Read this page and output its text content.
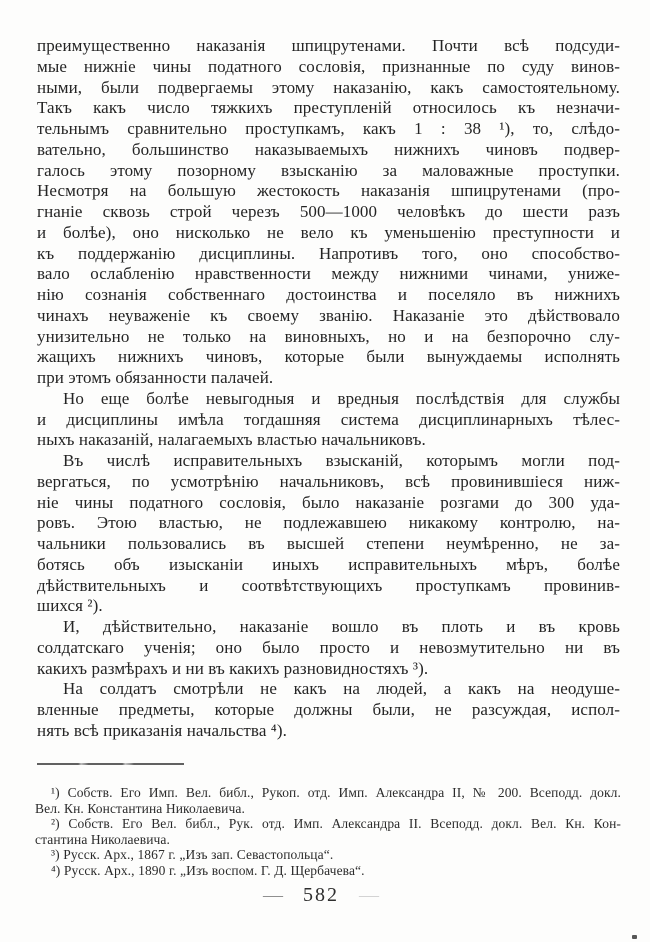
преимущественно наказанія шпицрутенами. Почти всѣ подсуди-
мые нижніе чины податного сословія, признанные по суду винов-
ными, были подвергаемы этому наказанію, какъ самостоятельному.
Такъ какъ число тяжкихъ преступленій относилось къ незначи-
тельнымъ сравнительно проступкамъ, какъ 1 : 38 ¹), то, слѣдо-
вательно, большинство наказываемыхъ нижнихъ чиновъ подвер-
галось этому позорному взысканію за маловажные проступки.
Несмотря на большую жестокость наказанія шпицрутенами (про-
гнаніе сквозь строй черезъ 500—1000 человѣкъ до шести разъ
и болѣе), оно нисколько не вело къ уменьшенію преступности и
къ поддержанію дисциплины. Напротивъ того, оно способство-
вало ослабленію нравственности между нижними чинами, униже-
нію сознанія собственнаго достоинства и поселяло въ нижнихъ
чинахъ неуваженіе къ своему званію. Наказаніе это дѣйствовало
унизительно не только на виновныхъ, но и на безпорочно слу-
жащихъ нижнихъ чиновъ, которые были вынуждаемы исполнять
при этомъ обязанности палачей.
Но еще болѣе невыгодныя и вредныя послѣдствія для службы
и дисциплины имѣла тогдашняя система дисциплинарныхъ тѣлес-
ныхъ наказаній, налагаемыхъ властью начальниковъ.
Въ числѣ исправительныхъ взысканій, которымъ могли под-
вергаться, по усмотрѣнію начальниковъ, всѣ провинившіеся ниж-
ніе чины податного сословія, было наказаніе розгами до 300 уда-
ровъ. Этою властью, не подлежавшею никакому контролю, на-
чальники пользовались въ высшей степени неумѣренно, не за-
ботясь объ изысканіи иныхъ исправительныхъ мѣръ, болѣе
дѣйствительныхъ и соотвѣтствующихъ проступкамъ провинив-
шихся ²).
И, дѣйствительно, наказаніе вошло въ плоть и въ кровь
солдатскаго ученія; оно было просто и невозмутительно ни въ
какихъ размѣрахъ и ни въ какихъ разновидностяхъ ³).
На солдатъ смотрѣли не какъ на людей, а какъ на неодуше-
вленные предметы, которые должны были, не разсуждая, испол-
нять всѣ приказанія начальства ⁴).
¹) Собств. Его Имп. Вел. библ., Рукоп. отд. Имп. Александра II, № 200. Всеподд. докл.
Вел. Кн. Константина Николаевича.
²) Собств. Его Вел. библ., Рук. отд. Имп. Александра II. Всеподд. докл. Вел. Кн. Кон-
стантина Николаевича.
³) Русск. Арх., 1867 г. „Изъ зап. Севастопольца“.
⁴) Русск. Арх., 1890 г. „Изъ воспом. Г. Д. Щербачева“.
— 582 —
